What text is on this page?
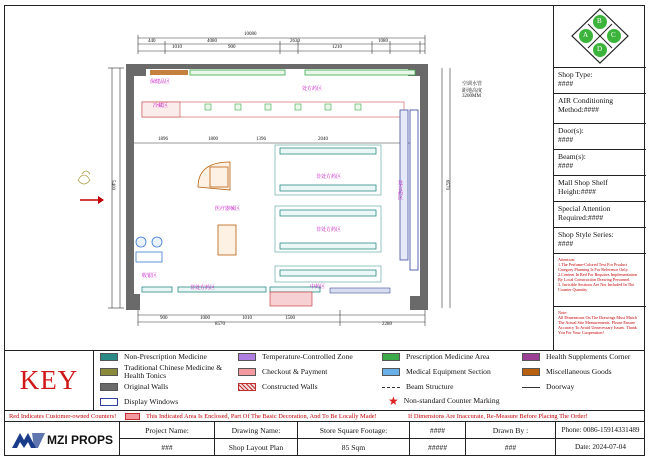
10080
440	4080	2630	1080
1010	900	1210
1896	1800	1396	2040
900	1000	1010	1500
8570	2280
5400	8570
保健品区
处方药区
非处方药区
非处方药区
医疗器械区
收银区
非处方药区	中药区
处方药区
冷藏区
空调水管
距地高度3200MM
B
C
A
D
Shop Type:
####
AIR Conditioning Method:####
Door(s):
####
Beam(s):
####
Mall Shop Shelf Height:####
Special Attention Required:####
Shop Style Series:
####
Attention:
1.The Perfume-Colored Text For Product Category Planning Is For Reference Only.
2.Content In Red For Requires Implementation By Local Construction Drawing Personnel.
3. Invisible Sections Are Not Included In The Counter Quantity
Note:
All Dimensions On The Drawings Must Match The Actual Site Measurements. Please Ensure Accuracy To Avoid Unnecessary Issues. Thank You For Your Cooperation!
KEY
Non-Prescription Medicine	Temperature-Controlled Zone	Prescription Medicine Area	Health Supplements Corner
Traditional Chinese Medicine & Health Tonics	Checkout & Payment	Medical Equipment Section	Miscellaneous Goods
Original Walls	Constructed Walls	Beam Structure	Doorway
Display Windows	★ Non-standard Counter Marking
Red Indicates Customer-owned Counters!	This Indicated Area Is Enclosed, Part Of The Basic Decoration, And To Be Locally Made!	If Dimensions Are Inaccurate, Re-Measure Before Placing The Order!
MZI PROPS
Project Name:
###
Drawing Name:
Shop Layout Plan
Store Square Footage:
85 Sqm
####
#####
Drawn By :
###
Phone: 0086-15914331489
Date: 2024-07-04
